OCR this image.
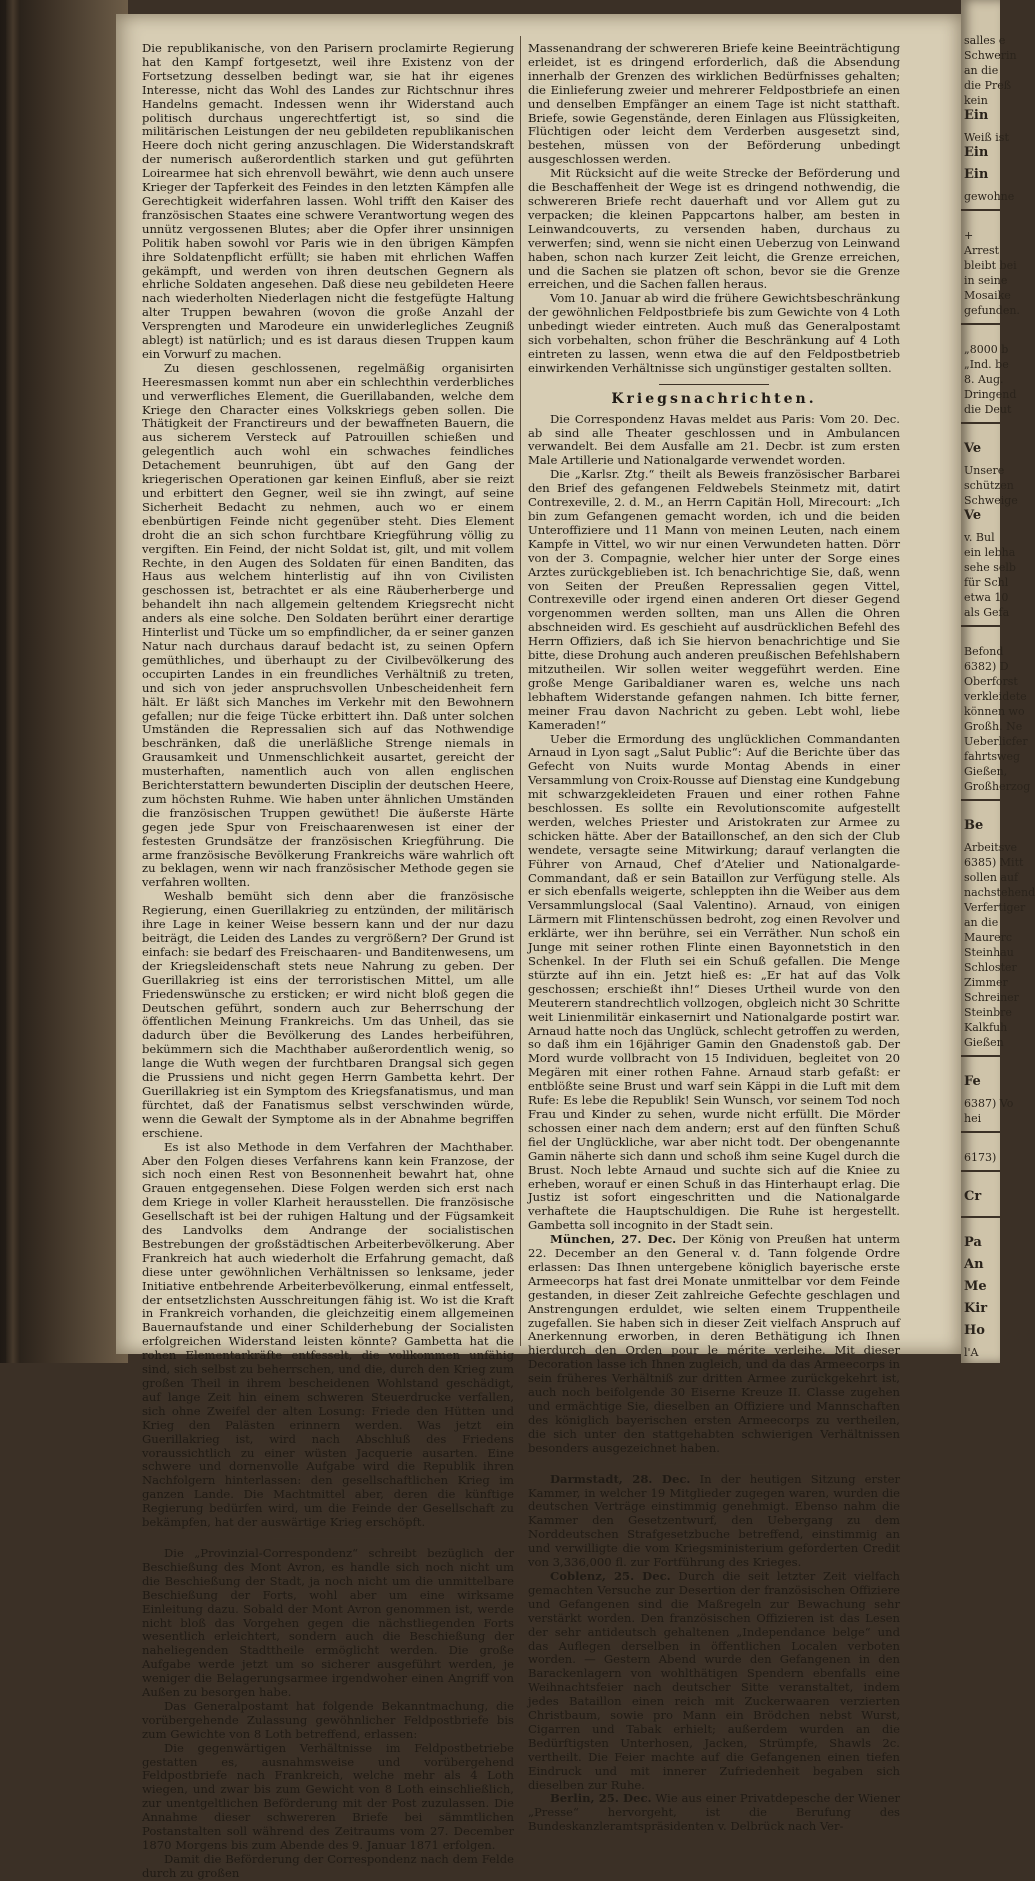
Die republikanische, von den Parisern proclamirte Regierung hat den Kampf fortgesetzt, weil ihre Existenz von der Fortsetzung desselben bedingt war, sie hat ihr eigenes Interesse, nicht das Wohl des Landes zur Richtschnur ihres Handelns gemacht. Indessen wenn ihr Widerstand auch politisch durchaus ungerechtfertigt ist, so sind die militärischen Leistungen der neu gebildeten republikanischen Heere doch nicht gering anzuschlagen. Die Widerstandskraft der numerisch außerordentlich starken und gut geführten Loirearmee hat sich ehrenvoll bewährt, wie denn auch unsere Krieger der Tapferkeit des Feindes in den letzten Kämpfen alle Gerechtigkeit widerfahren lassen. Wohl trifft den Kaiser des französischen Staates eine schwere Verantwortung wegen des unnütz vergossenen Blutes; aber die Opfer ihrer unsinnigen Politik haben sowohl vor Paris wie in den übrigen Kämpfen ihre Soldatenpflicht erfüllt; sie haben mit ehrlichen Waffen gekämpft, und werden von ihren deutschen Gegnern als ehrliche Soldaten angesehen. Daß diese neu gebildeten Heere nach wiederholten Niederlagen nicht die festgefügte Haltung alter Truppen bewahren (wovon die große Anzahl der Versprengten und Marodeure ein unwiderlegliches Zeugniß ablegt) ist natürlich; und es ist daraus diesen Truppen kaum ein Vorwurf zu machen.

Zu diesen geschlossenen, regelmäßig organisirten Heeresmassen kommt nun aber ein schlechthin verderbliches und verwerfliches Element, die Guerillabanden, welche dem Kriege den Character eines Volkskriegs geben sollen. Die Thätigkeit der Franctireurs und der bewaffneten Bauern, die aus sicherem Versteck auf Patrouillen schießen und gelegentlich auch wohl ein schwaches feindliches Detachement beunruhigen, übt auf den Gang der kriegerischen Operationen gar keinen Einfluß, aber sie reizt und erbittert den Gegner, weil sie ihn zwingt, auf seine Sicherheit Bedacht zu nehmen, auch wo er einem ebenbürtigen Feinde nicht gegenüber steht. Dies Element droht die an sich schon furchtbare Kriegführung völlig zu vergiften. Ein Feind, der nicht Soldat ist, gilt, und mit vollem Rechte, in den Augen des Soldaten für einen Banditen, das Haus aus welchem hinterlistig auf ihn von Civilisten geschossen ist, betrachtet er als eine Räuberherberge und behandelt ihn nach allgemein geltendem Kriegsrecht nicht anders als eine solche. Den Soldaten berührt einer derartige Hinterlist und Tücke um so empfindlicher, da er seiner ganzen Natur nach durchaus darauf bedacht ist, zu seinen Opfern gemüthliches, und überhaupt zu der Civilbevölkerung des occupirten Landes in ein freundliches Verhältniß zu treten, und sich von jeder anspruchsvollen Unbescheidenheit fern hält. Er läßt sich Manches im Verkehr mit den Bewohnern gefallen; nur die feige Tücke erbittert ihn. Daß unter solchen Umständen die Repressalien sich auf das Nothwendige beschränken, daß die unerläßliche Strenge niemals in Grausamkeit und Unmenschlichkeit ausartet, gereicht der musterhaften, namentlich auch von allen englischen Berichterstattern bewunderten Disciplin der deutschen Heere, zum höchsten Ruhme. Wie haben unter ähnlichen Umständen die französischen Truppen gewüthet! Die äußerste Härte gegen jede Spur von Freischaarenwesen ist einer der festesten Grundsätze der französischen Kriegführung. Die arme französische Bevölkerung Frankreichs wäre wahrlich oft zu beklagen, wenn wir nach französischer Methode gegen sie verfahren wollten.

Weshalb bemüht sich denn aber die französische Regierung, einen Guerillakrieg zu entzünden, der militärisch ihre Lage in keiner Weise bessern kann und der nur dazu beiträgt, die Leiden des Landes zu vergrößern? Der Grund ist einfach: sie bedarf des Freischaaren- und Banditenwesens, um der Kriegsleidenschaft stets neue Nahrung zu geben. Der Guerillakrieg ist eins der terroristischen Mittel, um alle Friedenswünsche zu ersticken; er wird nicht bloß gegen die Deutschen geführt, sondern auch zur Beherrschung der öffentlichen Meinung Frankreichs. Um das Unheil, das sie dadurch über die Bevölkerung des Landes herbeiführen, bekümmern sich die Machthaber außerordentlich wenig, so lange die Wuth wegen der furchtbaren Drangsal sich gegen die Prussiens und nicht gegen Herrn Gambetta kehrt. Der Guerillakrieg ist ein Symptom des Kriegsfanatismus, und man fürchtet, daß der Fanatismus selbst verschwinden würde, wenn die Gewalt der Symptome als in der Abnahme begriffen erschiene.

Es ist also Methode in dem Verfahren der Machthaber. Aber den Folgen dieses Verfahrens kann kein Franzose, der sich noch einen Rest von Besonnenheit bewahrt hat, ohne Grauen entgegensehen. Diese Folgen werden sich erst nach dem Kriege in voller Klarheit herausstellen. Die französische Gesellschaft ist bei der ruhigen Haltung und der Fügsamkeit des Landvolks dem Andrange der socialistischen Bestrebungen der großstädtischen Arbeiterbevölkerung. Aber Frankreich hat auch wiederholt die Erfahrung gemacht, daß diese unter gewöhnlichen Verhältnissen so lenksame, jeder Initiative entbehrende Arbeiterbevölkerung, einmal entfesselt, der entsetzlichsten Ausschreitungen fähig ist. Wo ist die Kraft in Frankreich vorhanden, die gleichzeitig einem allgemeinen Bauernaufstande und einer Schilderhebung der Socialisten erfolgreichen Widerstand leisten könnte? Gambetta hat die rohen Elementarkräfte entfesselt, die vollkommen unfähig sind, sich selbst zu beherrschen, und die, durch den Krieg zum großen Theil in ihrem bescheidenen Wohlstand geschädigt, auf lange Zeit hin einem schweren Steuerdrucke verfallen, sich ohne Zweifel der alten Losung: Friede den Hütten und Krieg den Palästen erinnern werden. Was jetzt ein Guerillakrieg ist, wird nach Abschluß des Friedens voraussichtlich zu einer wüsten Jacquerie ausarten. Eine schwere und dornenvolle Aufgabe wird die Republik ihren Nachfolgern hinterlassen: den gesellschaftlichen Krieg im ganzen Lande. Die Machtmittel aber, deren die künftige Regierung bedürfen wird, um die Feinde der Gesellschaft zu bekämpfen, hat der auswärtige Krieg erschöpft.

Die „Provinzial-Correspondenz“ schreibt bezüglich der Beschießung des Mont Avron, es handle sich noch nicht um die Beschießung der Stadt, ja noch nicht um die unmittelbare Beschießung der Forts, wohl aber um eine wirksame Einleitung dazu. Sobald der Mont Avron genommen ist, werde nicht bloß das Vorgehen gegen die nächstliegenden Forts wesentlich erleichtert, sondern auch die Beschießung der naheliegenden Stadttheile ermöglicht werden. Die große Aufgabe werde jetzt um so sicherer ausgeführt werden, je weniger die Belagerungsarmee irgendwoher einen Angriff von Außen zu besorgen habe.

Das Generalpostamt hat folgende Bekanntmachung, die vorübergehende Zulassung gewöhnlicher Feldpostbriefe bis zum Gewichte von 8 Loth betreffend, erlassen:

Die gegenwärtigen Verhältnisse im Feldpostbetriebe gestatten es, ausnahmsweise und vorübergehend Feldpostbriefe nach Frankreich, welche mehr als 4 Loth wiegen, und zwar bis zum Gewicht von 8 Loth einschließlich, zur unentgeltlichen Beförderung mit der Post zuzulassen. Die Annahme dieser schwereren Briefe bei sämmtlichen Postanstalten soll während des Zeitraums vom 27. December 1870 Morgens bis zum Abende des 9. Januar 1871 erfolgen.

Damit die Beförderung der Correspondenz nach dem Felde durch zu großen

Massenandrang der schwereren Briefe keine Beeinträchtigung erleidet, ist es dringend erforderlich, daß die Absendung innerhalb der Grenzen des wirklichen Bedürfnisses gehalten; die Einlieferung zweier und mehrerer Feldpostbriefe an einen und denselben Empfänger an einem Tage ist nicht statthaft. Briefe, sowie Gegenstände, deren Einlagen aus Flüssigkeiten, Flüchtigen oder leicht dem Verderben ausgesetzt sind, bestehen, müssen von der Beförderung unbedingt ausgeschlossen werden.

Mit Rücksicht auf die weite Strecke der Beförderung und die Beschaffenheit der Wege ist es dringend nothwendig, die schwereren Briefe recht dauerhaft und vor Allem gut zu verpacken; die kleinen Pappcartons halber, am besten in Leinwandcouverts, zu versenden haben, durchaus zu verwerfen; sind, wenn sie nicht einen Ueberzug von Leinwand haben, schon nach kurzer Zeit leicht, die Grenze erreichen, und die Sachen sie platzen oft schon, bevor sie die Grenze erreichen, und die Sachen fallen heraus.

Vom 10. Januar ab wird die frühere Gewichtsbeschränkung der gewöhnlichen Feldpostbriefe bis zum Gewichte von 4 Loth unbedingt wieder eintreten. Auch muß das Generalpostamt sich vorbehalten, schon früher die Beschränkung auf 4 Loth eintreten zu lassen, wenn etwa die auf den Feldpostbetrieb einwirkenden Verhältnisse sich ungünstiger gestalten sollten.

Kriegsnachrichten.

Die Correspondenz Havas meldet aus Paris: Vom 20. Dec. ab sind alle Theater geschlossen und in Ambulancen verwandelt. Bei dem Ausfalle am 21. Decbr. ist zum ersten Male Artillerie und Nationalgarde verwendet worden.

Die „Karlsr. Ztg.“ theilt als Beweis französischer Barbarei den Brief des gefangenen Feldwebels Steinmetz mit, datirt Contrexeville, 2. d. M., an Herrn Capitän Holl, Mirecourt: „Ich bin zum Gefangenen gemacht worden, ich und die beiden Unteroffiziere und 11 Mann von meinen Leuten, nach einem Kampfe in Vittel, wo wir nur einen Verwundeten hatten. Dörr von der 3. Compagnie, welcher hier unter der Sorge eines Arztes zurückgeblieben ist. Ich benachrichtige Sie, daß, wenn von Seiten der Preußen Repressalien gegen Vittel, Contrexeville oder irgend einen anderen Ort dieser Gegend vorgenommen werden sollten, man uns Allen die Ohren abschneiden wird. Es geschieht auf ausdrücklichen Befehl des Herrn Offiziers, daß ich Sie hiervon benachrichtige und Sie bitte, diese Drohung auch anderen preußischen Befehlshabern mitzutheilen. Wir sollen weiter weggeführt werden. Eine große Menge Garibaldianer waren es, welche uns nach lebhaftem Widerstande gefangen nahmen. Ich bitte ferner, meiner Frau davon Nachricht zu geben. Lebt wohl, liebe Kameraden!“

Ueber die Ermordung des unglücklichen Commandanten Arnaud in Lyon sagt „Salut Public“: Auf die Berichte über das Gefecht von Nuits wurde Montag Abends in einer Versammlung von Croix-Rousse auf Dienstag eine Kundgebung mit schwarzgekleideten Frauen und einer rothen Fahne beschlossen. Es sollte ein Revolutionscomite aufgestellt werden, welches Priester und Aristokraten zur Armee zu schicken hätte. Aber der Bataillonschef, an den sich der Club wendete, versagte seine Mitwirkung; darauf verlangten die Führer von Arnaud, Chef d’Atelier und Nationalgarde-Commandant, daß er sein Bataillon zur Verfügung stelle. Als er sich ebenfalls weigerte, schleppten ihn die Weiber aus dem Versammlungslocal (Saal Valentino). Arnaud, von einigen Lärmern mit Flintenschüssen bedroht, zog einen Revolver und erklärte, wer ihn berühre, sei ein Verräther. Nun schoß ein Junge mit seiner rothen Flinte einen Bayonnetstich in den Schenkel. In der Fluth sei ein Schuß gefallen. Die Menge stürzte auf ihn ein. Jetzt hieß es: „Er hat auf das Volk geschossen; erschießt ihn!“ Dieses Urtheil wurde von den Meuterern standrechtlich vollzogen, obgleich nicht 30 Schritte weit Linienmilitär einkasernirt und Nationalgarde postirt war. Arnaud hatte noch das Unglück, schlecht getroffen zu werden, so daß ihm ein 16jähriger Gamin den Gnadenstoß gab. Der Mord wurde vollbracht von 15 Individuen, begleitet von 20 Megären mit einer rothen Fahne. Arnaud starb gefaßt: er entblößte seine Brust und warf sein Käppi in die Luft mit dem Rufe: Es lebe die Republik! Sein Wunsch, vor seinem Tod noch Frau und Kinder zu sehen, wurde nicht erfüllt. Die Mörder schossen einer nach dem andern; erst auf den fünften Schuß fiel der Unglückliche, war aber nicht todt. Der obengenannte Gamin näherte sich dann und schoß ihm seine Kugel durch die Brust. Noch lebte Arnaud und suchte sich auf die Kniee zu erheben, worauf er einen Schuß in das Hinterhaupt erlag. Die Justiz ist sofort eingeschritten und die Nationalgarde verhaftete die Hauptschuldigen. Die Ruhe ist hergestellt. Gambetta soll incognito in der Stadt sein.

München, 27. Dec. Der König von Preußen hat unterm 22. December an den General v. d. Tann folgende Ordre erlassen: Das Ihnen untergebene königlich bayerische erste Armeecorps hat fast drei Monate unmittelbar vor dem Feinde gestanden, in dieser Zeit zahlreiche Gefechte geschlagen und Anstrengungen erduldet, wie selten einem Truppentheile zugefallen. Sie haben sich in dieser Zeit vielfach Anspruch auf Anerkennung erworben, in deren Bethätigung ich Ihnen hierdurch den Orden pour le mérite verleihe. Mit dieser Decoration lasse ich Ihnen zugleich, und da das Armeecorps in sein früheres Verhältniß zur dritten Armee zurückgekehrt ist, auch noch beifolgende 30 Eiserne Kreuze II. Classe zugehen und ermächtige Sie, dieselben an Offiziere und Mannschaften des königlich bayerischen ersten Armeecorps zu vertheilen, die sich unter den stattgehabten schwierigen Verhältnissen besonders ausgezeichnet haben.

Darmstadt, 28. Dec. In der heutigen Sitzung erster Kammer, in welcher 19 Mitglieder zugegen waren, wurden die deutschen Verträge einstimmig genehmigt. Ebenso nahm die Kammer den Gesetzentwurf, den Uebergang zu dem Norddeutschen Strafgesetzbuche betreffend, einstimmig an und verwilligte die vom Kriegsministerium geforderten Credit von 3,336,000 fl. zur Fortführung des Krieges.

Coblenz, 25. Dec. Durch die seit letzter Zeit vielfach gemachten Versuche zur Desertion der französischen Offiziere und Gefangenen sind die Maßregeln zur Bewachung sehr verstärkt worden. Den französischen Offizieren ist das Lesen der sehr antideutsch gehaltenen „Independance belge“ und das Auflegen derselben in öffentlichen Localen verboten worden. — Gestern Abend wurde den Gefangenen in den Barackenlagern von wohlthätigen Spendern ebenfalls eine Weihnachtsfeier nach deutscher Sitte veranstaltet, indem jedes Bataillon einen reich mit Zuckerwaaren verzierten Christbaum, sowie pro Mann ein Brödchen nebst Wurst, Cigarren und Tabak erhielt; außerdem wurden an die Bedürftigsten Unterhosen, Jacken, Strümpfe, Shawls 2c. vertheilt. Die Feier machte auf die Gefangenen einen tiefen Eindruck und mit innerer Zufriedenheit begaben sich dieselben zur Ruhe.

Berlin, 25. Dec. Wie aus einer Privatdepesche der Wiener „Presse“ hervorgeht, ist die Berufung des Bundeskanzleramtspräsidenten v. Delbrück nach Ver-

salles e
Schwerin
an die
die Preß
kein
Ein
Weiß ist
Ein
Ein
gewohne
+
Arrest
bleibt bei
in seine
Mosaike
gefunden.
„8000 b
„Ind. be
8. Aug.
Dringend
die Deut
Ve
Unsere
schützen
Schweige
Ve
v. Bul
ein lebha
sehe selb
für Schl
etwa 10
als Gefa
Befond
6382) D
Oberforst
verkleidete
können wo
Großh. Ne
Ueberlicfer
fahrtsweg
Gießen,
Großherzog
Be
Arbeitsve
6385) Mitt
sollen auf
nachstehend
Verfertiger
an die
Maurerc
Steinhau
Schloster
Zimmer
Schreiner
Steinbre
Kalkfuh
Gießen
Fe
6387) Vo
hei
6173)
Cr
Pa
An
Me
Kir
Ho
l'A
